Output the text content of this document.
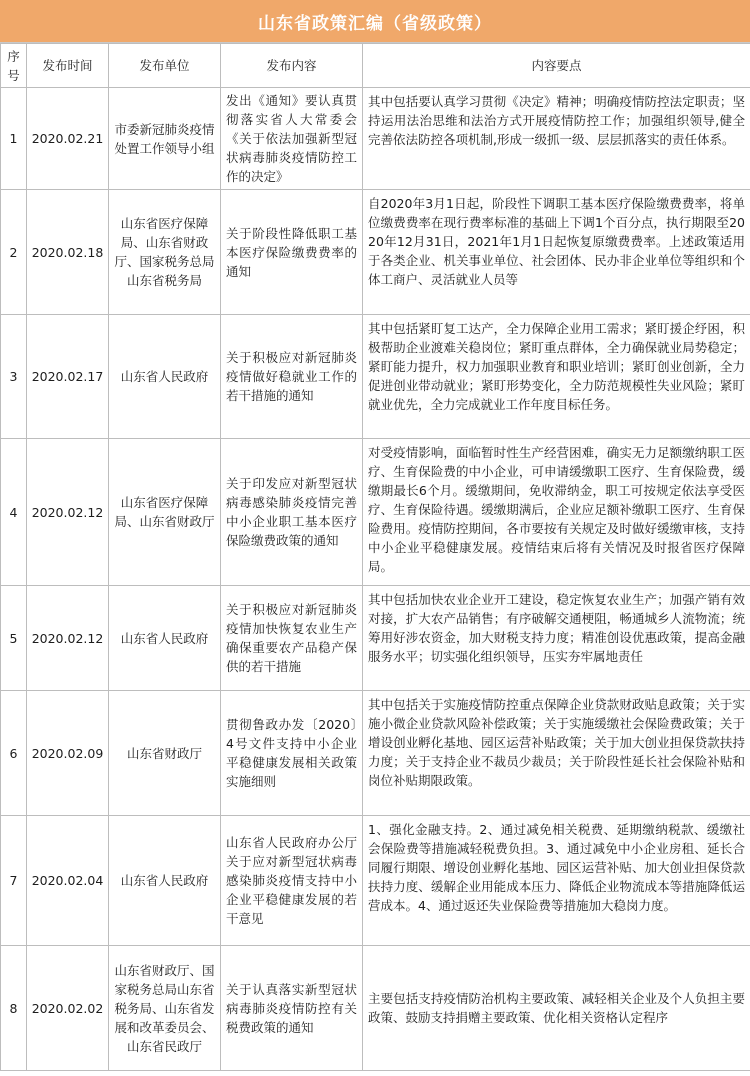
山东省政策汇编（省级政策）
序号	发布时间	发布单位	发布内容	内容要点
1	2020.02.21	市委新冠肺炎疫情处置工作领导小组	发出《通知》要认真贯彻落实省人大常委会《关于依法加强新型冠状病毒肺炎疫情防控工作的决定》	其中包括要认真学习贯彻《决定》精神；明确疫情防控法定职责；坚持运用法治思维和法治方式开展疫情防控工作；加强组织领导,健全完善依法防控各项机制,形成一级抓一级、层层抓落实的责任体系。
2	2020.02.18	山东省医疗保障局、山东省财政厅、国家税务总局山东省税务局	关于阶段性降低职工基本医疗保险缴费费率的通知	自2020年3月1日起，阶段性下调职工基本医疗保险缴费费率，将单位缴费费率在现行费率标准的基础上下调1个百分点，执行期限至2020年12月31日，2021年1月1日起恢复原缴费费率。上述政策适用于各类企业、机关事业单位、社会团体、民办非企业单位等组织和个体工商户、灵活就业人员等
3	2020.02.17	山东省人民政府	关于积极应对新冠肺炎疫情做好稳就业工作的若干措施的通知	其中包括紧盯复工达产，全力保障企业用工需求；紧盯援企纾困，积极帮助企业渡难关稳岗位；紧盯重点群体，全力确保就业局势稳定；紧盯能力提升，权力加强职业教育和职业培训；紧盯创业创新，全力促进创业带动就业；紧盯形势变化，全力防范规模性失业风险；紧盯就业优先，全力完成就业工作年度目标任务。
4	2020.02.12	山东省医疗保障局、山东省财政厅	关于印发应对新型冠状病毒感染肺炎疫情完善中小企业职工基本医疗保险缴费政策的通知	对受疫情影响，面临暂时性生产经营困难，确实无力足额缴纳职工医疗、生育保险费的中小企业，可申请缓缴职工医疗、生育保险费，缓缴期最长6个月。缓缴期间，免收滞纳金，职工可按规定依法享受医疗、生育保险待遇。缓缴期满后，企业应足额补缴职工医疗、生育保险费用。疫情防控期间，各市要按有关规定及时做好缓缴审核，支持中小企业平稳健康发展。疫情结束后将有关情况及时报省医疗保障局。
5	2020.02.12	山东省人民政府	关于积极应对新冠肺炎疫情加快恢复农业生产确保重要农产品稳产保供的若干措施	其中包括加快农业企业开工建设，稳定恢复农业生产；加强产销有效对接，扩大农产品销售；有序破解交通梗阻，畅通城乡人流物流；统筹用好涉农资金，加大财税支持力度；精准创设优惠政策，提高金融服务水平；切实强化组织领导，压实夯牢属地责任
6	2020.02.09	山东省财政厅	贯彻鲁政办发〔2020〕4号文件支持中小企业平稳健康发展相关政策实施细则	其中包括关于实施疫情防控重点保障企业贷款财政贴息政策；关于实施小微企业贷款风险补偿政策；关于实施缓缴社会保险费政策；关于增设创业孵化基地、园区运营补贴政策；关于加大创业担保贷款扶持力度；关于支持企业不裁员少裁员；关于阶段性延长社会保险补贴和岗位补贴期限政策。
7	2020.02.04	山东省人民政府	山东省人民政府办公厅关于应对新型冠状病毒感染肺炎疫情支持中小企业平稳健康发展的若干意见	1、强化金融支持。2、通过减免相关税费、延期缴纳税款、缓缴社会保险费等措施减轻税费负担。3、通过减免中小企业房租、延长合同履行期限、增设创业孵化基地、园区运营补贴、加大创业担保贷款扶持力度、缓解企业用能成本压力、降低企业物流成本等措施降低运营成本。4、通过返还失业保险费等措施加大稳岗力度。
8	2020.02.02	山东省财政厅、国家税务总局山东省税务局、山东省发展和改革委员会、山东省民政厅	关于认真落实新型冠状病毒肺炎疫情防控有关税费政策的通知	主要包括支持疫情防治机构主要政策、减轻相关企业及个人负担主要政策、鼓励支持捐赠主要政策、优化相关资格认定程序
